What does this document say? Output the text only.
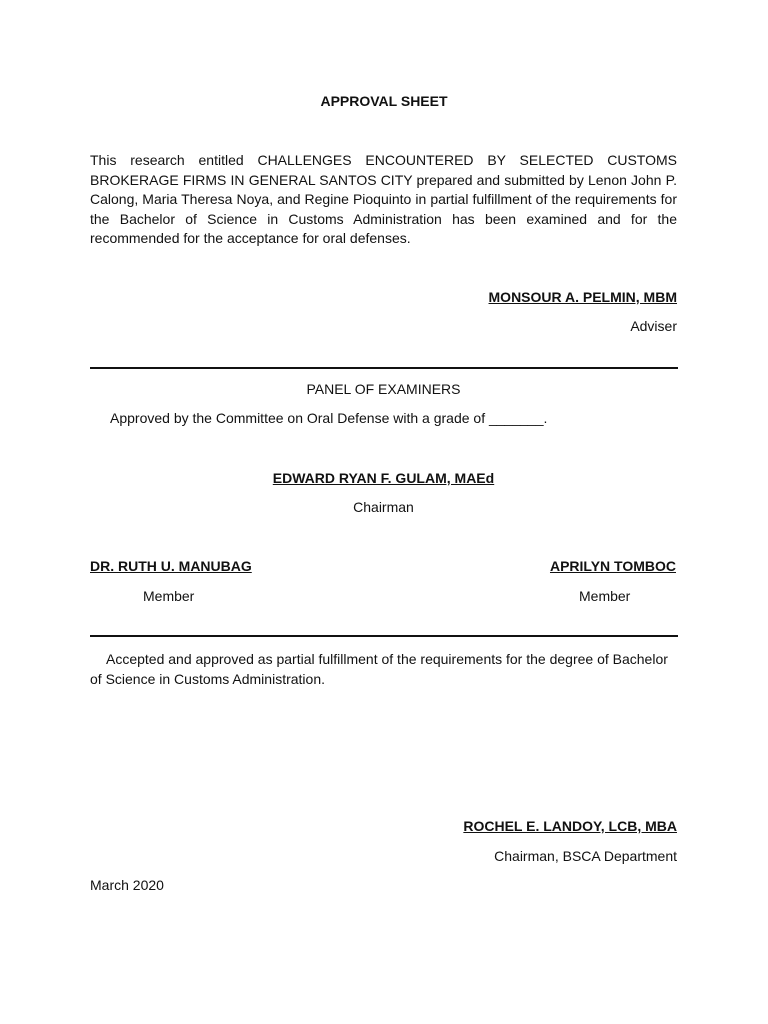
APPROVAL SHEET
This research entitled CHALLENGES ENCOUNTERED BY SELECTED CUSTOMS BROKERAGE FIRMS IN GENERAL SANTOS CITY prepared and submitted by Lenon John P. Calong, Maria Theresa Noya, and Regine Pioquinto in partial fulfillment of the requirements for the Bachelor of Science in Customs Administration has been examined and for the recommended for the acceptance for oral defenses.
MONSOUR A. PELMIN, MBM
Adviser
PANEL OF EXAMINERS
Approved by the Committee on Oral Defense with a grade of _______.
EDWARD RYAN F. GULAM, MAEd
Chairman
DR. RUTH U. MANUBAG
Member
APRILYN TOMBOC
Member
Accepted and approved as partial fulfillment of the requirements for the degree of Bachelor of Science in Customs Administration.
ROCHEL E. LANDOY, LCB, MBA
Chairman, BSCA Department
March 2020
